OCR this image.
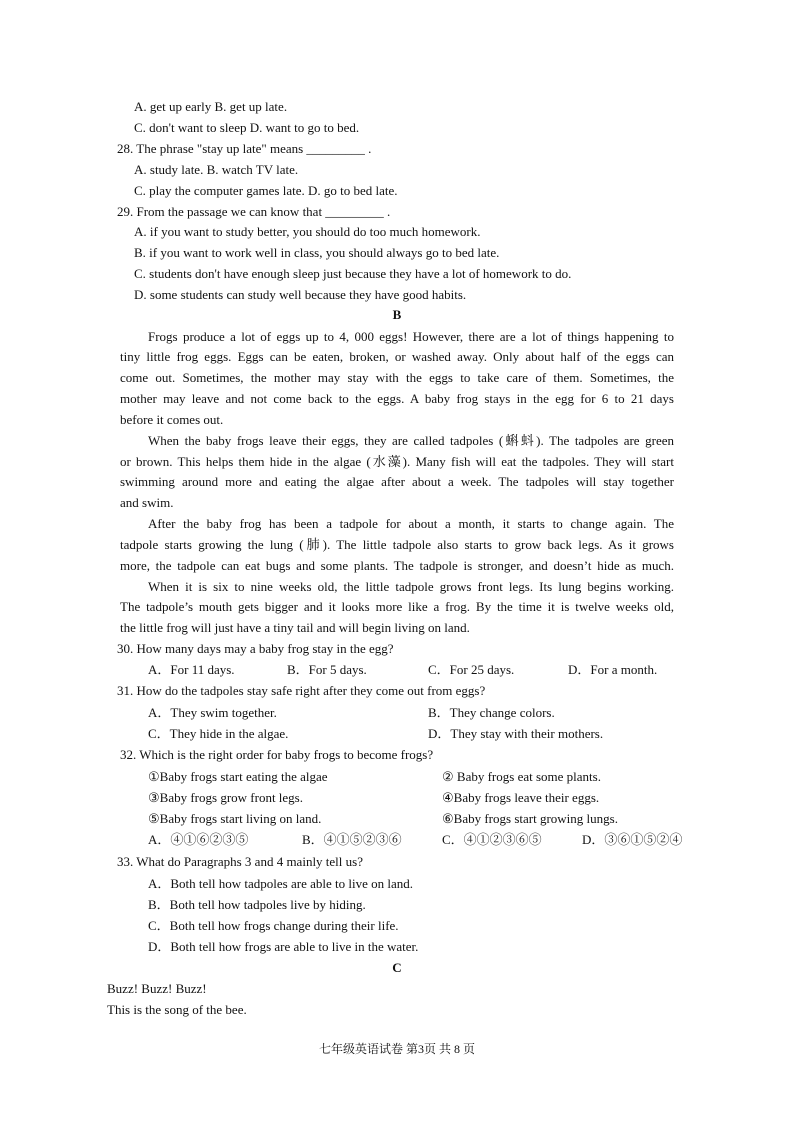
A. get up early B. get up late.
C. don't want to sleep D. want to go to bed.
28. The phrase "stay up late" means _________ .
A. study late. B. watch TV late.
C. play the computer games late. D. go to bed late.
29. From the passage we can know that _________ .
A. if you want to study better, you should do too much homework.
B. if you want to work well in class, you should always go to bed late.
C. students don't have enough sleep just because they have a lot of homework to do.
D. some students can study well because they have good habits.
B
Frogs produce a lot of eggs up to 4, 000 eggs! However, there are a lot of things happening to
tiny little frog eggs. Eggs can be eaten, broken, or washed away. Only about half of the eggs can
come out. Sometimes, the mother may stay with the eggs to take care of them. Sometimes, the
mother may leave and not come back to the eggs. A baby frog stays in the egg for 6 to 21 days
before it comes out.
When the baby frogs leave their eggs, they are called tadpoles (蝌蚪). The tadpoles are green
or brown. This helps them hide in the algae (水藻). Many fish will eat the tadpoles. They will start
swimming around more and eating the algae after about a week. The tadpoles will stay together
and swim.
After the baby frog has been a tadpole for about a month, it starts to change again. The
tadpole starts growing the lung (肺). The little tadpole also starts to grow back legs. As it grows
more, the tadpole can eat bugs and some plants. The tadpole is stronger, and doesn’t hide as much.
When it is six to nine weeks old, the little tadpole grows front legs. Its lung begins working.
The tadpole’s mouth gets bigger and it looks more like a frog. By the time it is twelve weeks old,
the little frog will just have a tiny tail and will begin living on land.
30. How many days may a baby frog stay in the egg?
A．For 11 days.	B．For 5 days.	C．For 25 days.	D．For a month.
31. How do the tadpoles stay safe right after they come out from eggs?
A．They swim together.	B．They change colors.
C．They hide in the algae.	D．They stay with their mothers.
32. Which is the right order for baby frogs to become frogs?
①Baby frogs start eating the algae	② Baby frogs eat some plants.
③Baby frogs grow front legs.	④Baby frogs leave their eggs.
⑤Baby frogs start living on land.	⑥Baby frogs start growing lungs.
A．④①⑥②③⑤	B．④①⑤②③⑥	C．④①②③⑥⑤	D．③⑥①⑤②④
33. What do Paragraphs 3 and 4 mainly tell us?
A．Both tell how tadpoles are able to live on land.
B．Both tell how tadpoles live by hiding.
C．Both tell how frogs change during their life.
D．Both tell how frogs are able to live in the water.
C
Buzz! Buzz! Buzz!
This is the song of the bee.
七年级英语试卷 第3页 共 8 页
